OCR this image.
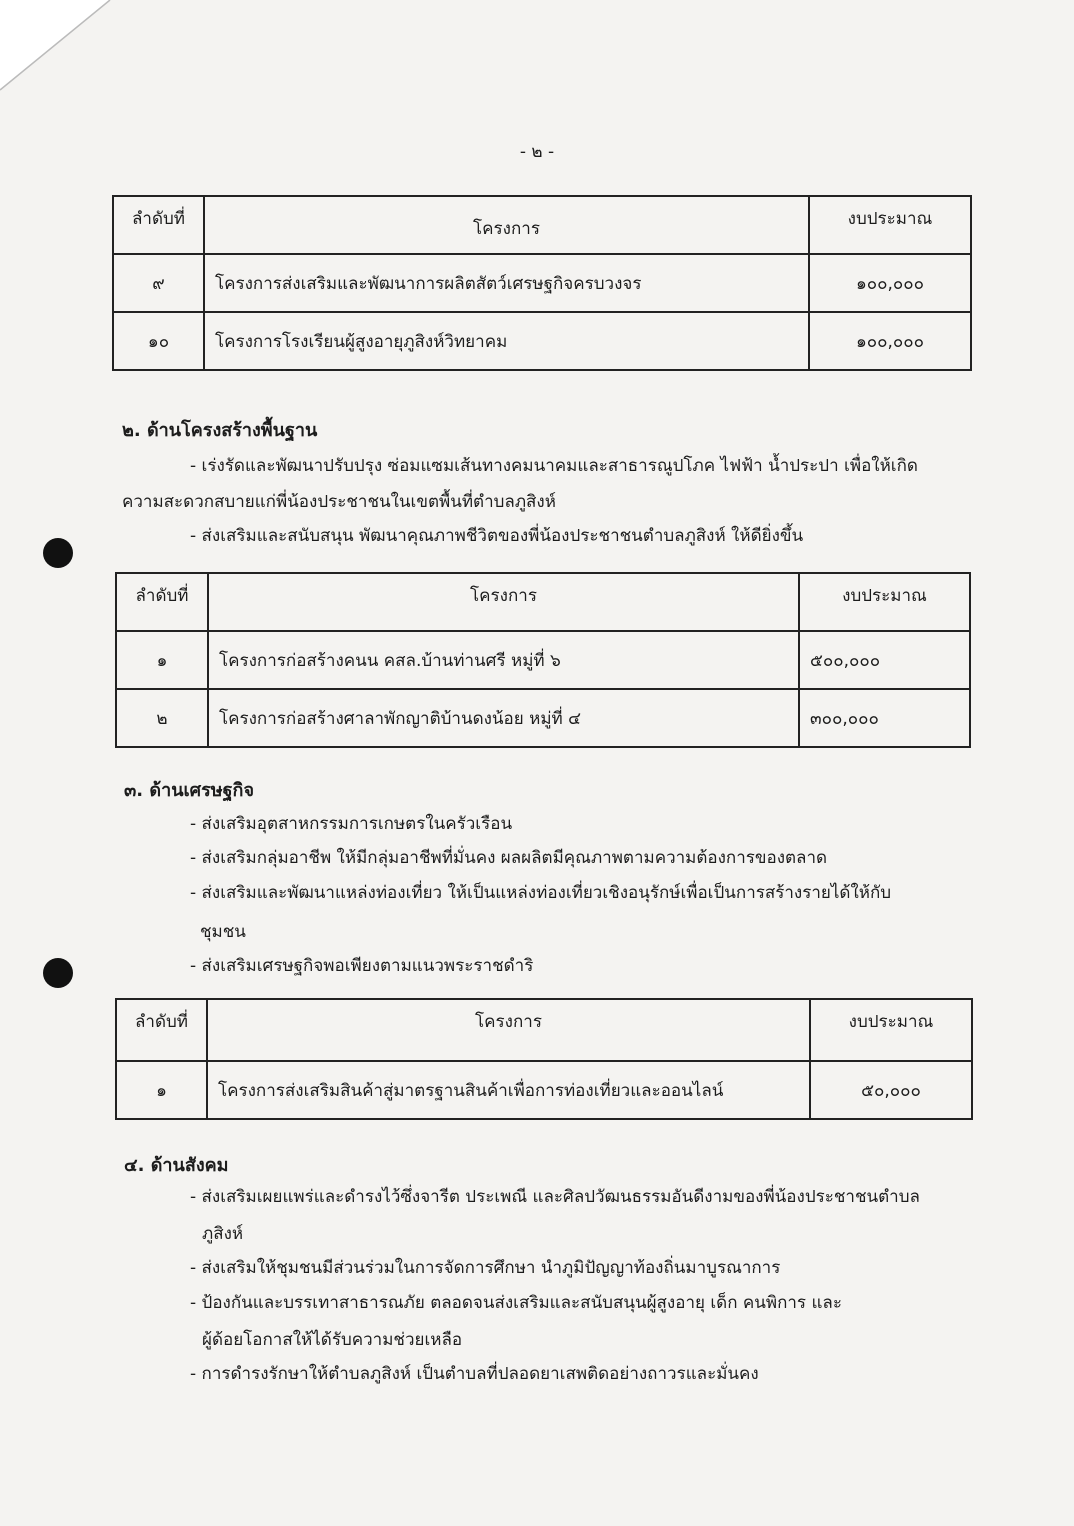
- ๒ -
ลำดับที่	โครงการ	งบประมาณ
๙	โครงการส่งเสริมและพัฒนาการผลิตสัตว์เศรษฐกิจครบวงจร	๑๐๐,๐๐๐
๑๐	โครงการโรงเรียนผู้สูงอายุภูสิงห์วิทยาคม	๑๐๐,๐๐๐
๒. ด้านโครงสร้างพื้นฐาน
- เร่งรัดและพัฒนาปรับปรุง ซ่อมแซมเส้นทางคมนาคมและสาธารณูปโภค ไฟฟ้า น้ำประปา เพื่อให้เกิด
ความสะดวกสบายแก่พี่น้องประชาชนในเขตพื้นที่ตำบลภูสิงห์
- ส่งเสริมและสนับสนุน พัฒนาคุณภาพชีวิตของพี่น้องประชาชนตำบลภูสิงห์ ให้ดียิ่งขึ้น
ลำดับที่	โครงการ	งบประมาณ
๑	โครงการก่อสร้างคนน คสล.บ้านท่านศรี หมู่ที่ ๖	๕๐๐,๐๐๐
๒	โครงการก่อสร้างศาลาพักญาติบ้านดงน้อย หมู่ที่ ๔	๓๐๐,๐๐๐
๓. ด้านเศรษฐกิจ
- ส่งเสริมอุตสาหกรรมการเกษตรในครัวเรือน
- ส่งเสริมกลุ่มอาชีพ ให้มีกลุ่มอาชีพที่มั่นคง ผลผลิตมีคุณภาพตามความต้องการของตลาด
- ส่งเสริมและพัฒนาแหล่งท่องเที่ยว ให้เป็นแหล่งท่องเที่ยวเชิงอนุรักษ์เพื่อเป็นการสร้างรายได้ให้กับ
ชุมชน
- ส่งเสริมเศรษฐกิจพอเพียงตามแนวพระราชดำริ
ลำดับที่	โครงการ	งบประมาณ
๑	โครงการส่งเสริมสินค้าสู่มาตรฐานสินค้าเพื่อการท่องเที่ยวและออนไลน์	๕๐,๐๐๐
๔. ด้านสังคม
- ส่งเสริมเผยแพร่และดำรงไว้ซึ่งจารีต ประเพณี และศิลปวัฒนธรรมอันดีงามของพี่น้องประชาชนตำบล
ภูสิงห์
- ส่งเสริมให้ชุมชนมีส่วนร่วมในการจัดการศึกษา นำภูมิปัญญาท้องถิ่นมาบูรณาการ
- ป้องกันและบรรเทาสาธารณภัย ตลอดจนส่งเสริมและสนับสนุนผู้สูงอายุ เด็ก คนพิการ และ
ผู้ด้อยโอกาสให้ได้รับความช่วยเหลือ
- การดำรงรักษาให้ตำบลภูสิงห์ เป็นตำบลที่ปลอดยาเสพติดอย่างถาวรและมั่นคง
